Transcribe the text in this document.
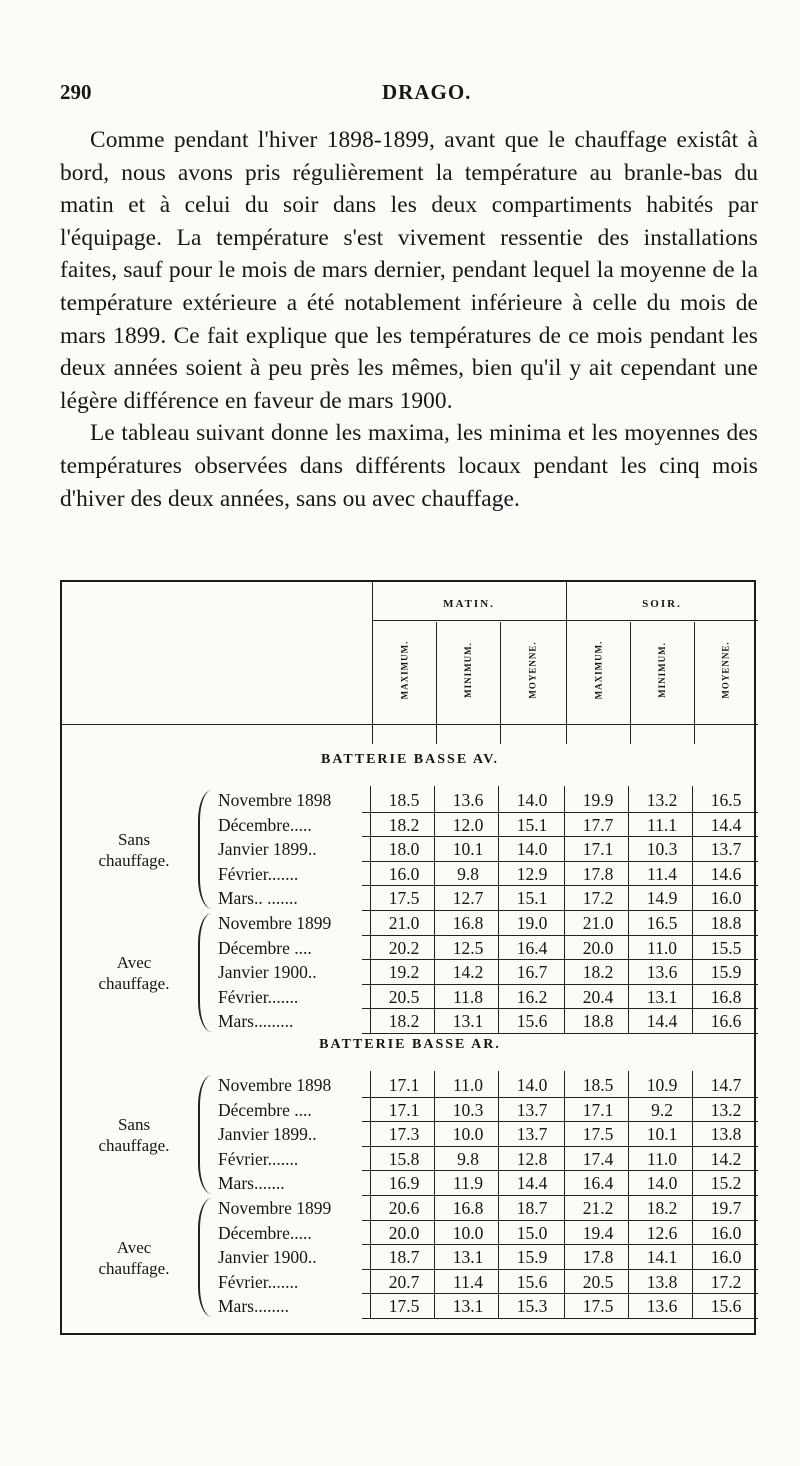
290	DRAGO.

Comme pendant l'hiver 1898-1899, avant que le chauffage existât à bord, nous avons pris régulièrement la température au branle-bas du matin et à celui du soir dans les deux compartiments habités par l'équipage. La température s'est vivement ressentie des installations faites, sauf pour le mois de mars dernier, pendant lequel la moyenne de la température extérieure a été notablement inférieure à celle du mois de mars 1899. Ce fait explique que les températures de ce mois pendant les deux années soient à peu près les mêmes, bien qu'il y ait cependant une légère différence en faveur de mars 1900.

Le tableau suivant donne les maxima, les minima et les moyennes des températures observées dans différents locaux pendant les cinq mois d'hiver des deux années, sans ou avec chauffage.

MATIN.	SOIR.
MAXIMUM.	MINIMUM.	MOYENNE.	MAXIMUM.	MINIMUM.	MOYENNE.
BATTERIE BASSE AV.
Sans
chauffage.
Novembre 1898	18.5	13.6	14.0	19.9	13.2	16.5
Décembre.....	18.2	12.0	15.1	17.7	11.1	14.4
Janvier 1899..	18.0	10.1	14.0	17.1	10.3	13.7
Février.......	16.0	9.8	12.9	17.8	11.4	14.6
Mars.. .......	17.5	12.7	15.1	17.2	14.9	16.0
Avec
chauffage.
Novembre 1899	21.0	16.8	19.0	21.0	16.5	18.8
Décembre ....	20.2	12.5	16.4	20.0	11.0	15.5
Janvier 1900..	19.2	14.2	16.7	18.2	13.6	15.9
Février.......	20.5	11.8	16.2	20.4	13.1	16.8
Mars.........	18.2	13.1	15.6	18.8	14.4	16.6
BATTERIE BASSE AR.
Sans
chauffage.
Novembre 1898	17.1	11.0	14.0	18.5	10.9	14.7
Décembre ....	17.1	10.3	13.7	17.1	9.2	13.2
Janvier 1899..	17.3	10.0	13.7	17.5	10.1	13.8
Février.......	15.8	9.8	12.8	17.4	11.0	14.2
Mars.......	16.9	11.9	14.4	16.4	14.0	15.2
Avec
chauffage.
Novembre 1899	20.6	16.8	18.7	21.2	18.2	19.7
Décembre.....	20.0	10.0	15.0	19.4	12.6	16.0
Janvier 1900..	18.7	13.1	15.9	17.8	14.1	16.0
Février.......	20.7	11.4	15.6	20.5	13.8	17.2
Mars........	17.5	13.1	15.3	17.5	13.6	15.6
